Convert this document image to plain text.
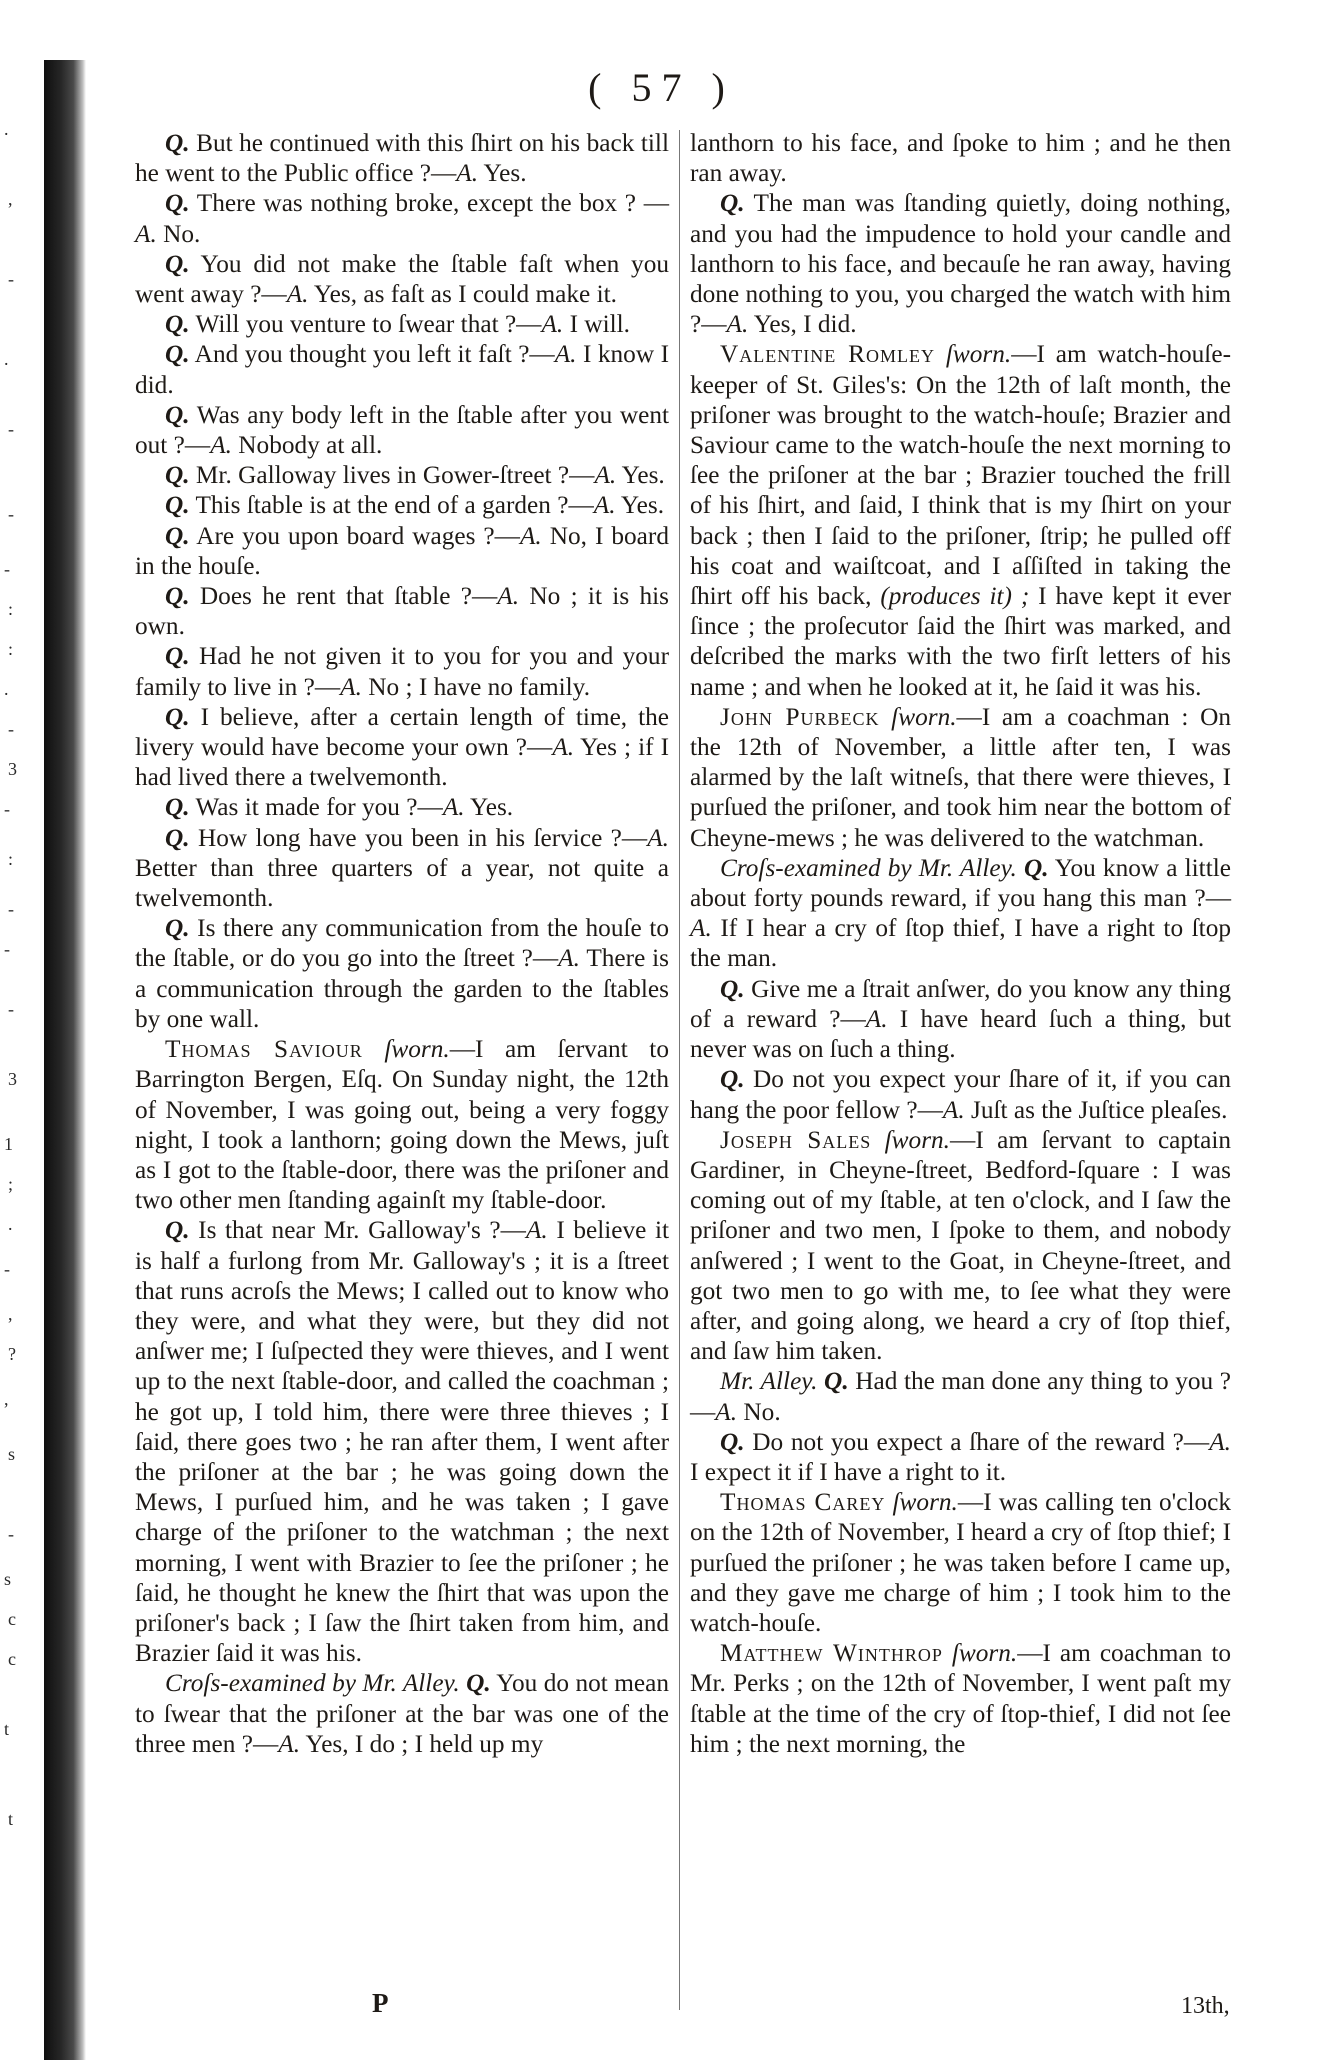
.
,
-
.
-
-
-
:
:
.
-
3
-
:
-
-
-
3
1
;
.
-
,
?
,
s
-
s
c
c
t
t
( 57 )

Q. But he continued with this ſhirt on his back till he went to the Public office ?—A. Yes.

Q. There was nothing broke, except the box ? —A. No.

Q. You did not make the ſtable faſt when you went away ?—A. Yes, as faſt as I could make it.

Q. Will you venture to ſwear that ?—A. I will.

Q. And you thought you left it faſt ?—A. I know I did.

Q. Was any body left in the ſtable after you went out ?—A. Nobody at all.

Q. Mr. Galloway lives in Gower-ſtreet ?—A. Yes.

Q. This ſtable is at the end of a garden ?—A. Yes.

Q. Are you upon board wages ?—A. No, I board in the houſe.

Q. Does he rent that ſtable ?—A. No ; it is his own.

Q. Had he not given it to you for you and your family to live in ?—A. No ; I have no family.

Q. I believe, after a certain length of time, the livery would have become your own ?—A. Yes ; if I had lived there a twelvemonth.

Q. Was it made for you ?—A. Yes.

Q. How long have you been in his ſervice ?—A. Better than three quarters of a year, not quite a twelvemonth.

Q. Is there any communication from the houſe to the ſtable, or do you go into the ſtreet ?—A. There is a communication through the garden to the ſtables by one wall.

Thomas Saviour ſworn.—I am ſervant to Barrington Bergen, Eſq. On Sunday night, the 12th of November, I was going out, being a very foggy night, I took a lanthorn; going down the Mews, juſt as I got to the ſtable-door, there was the priſoner and two other men ſtanding againſt my ſtable-door.

Q. Is that near Mr. Galloway's ?—A. I believe it is half a furlong from Mr. Galloway's ; it is a ſtreet that runs acroſs the Mews; I called out to know who they were, and what they were, but they did not anſwer me; I ſuſpected they were thieves, and I went up to the next ſtable-door, and called the coachman ; he got up, I told him, there were three thieves ; I ſaid, there goes two ; he ran after them, I went after the priſoner at the bar ; he was going down the Mews, I purſued him, and he was taken ; I gave charge of the priſoner to the watchman ; the next morning, I went with Brazier to ſee the priſoner ; he ſaid, he thought he knew the ſhirt that was upon the priſoner's back ; I ſaw the ſhirt taken from him, and Brazier ſaid it was his.

Croſs-examined by Mr. Alley. Q. You do not mean to ſwear that the priſoner at the bar was one of the three men ?—A. Yes, I do ; I held up my

lanthorn to his face, and ſpoke to him ; and he then ran away.

Q. The man was ſtanding quietly, doing nothing, and you had the impudence to hold your candle and lanthorn to his face, and becauſe he ran away, having done nothing to you, you charged the watch with him ?—A. Yes, I did.

Valentine Romley ſworn.—I am watch-houſe-keeper of St. Giles's: On the 12th of laſt month, the priſoner was brought to the watch-houſe; Brazier and Saviour came to the watch-houſe the next morning to ſee the priſoner at the bar ; Brazier touched the frill of his ſhirt, and ſaid, I think that is my ſhirt on your back ; then I ſaid to the priſoner, ſtrip; he pulled off his coat and waiſtcoat, and I aſſiſted in taking the ſhirt off his back, (produces it) ; I have kept it ever ſince ; the proſecutor ſaid the ſhirt was marked, and deſcribed the marks with the two firſt letters of his name ; and when he looked at it, he ſaid it was his.

John Purbeck ſworn.—I am a coachman : On the 12th of November, a little after ten, I was alarmed by the laſt witneſs, that there were thieves, I purſued the priſoner, and took him near the bottom of Cheyne-mews ; he was delivered to the watchman.

Croſs-examined by Mr. Alley. Q. You know a little about forty pounds reward, if you hang this man ?—A. If I hear a cry of ſtop thief, I have a right to ſtop the man.

Q. Give me a ſtrait anſwer, do you know any thing of a reward ?—A. I have heard ſuch a thing, but never was on ſuch a thing.

Q. Do not you expect your ſhare of it, if you can hang the poor fellow ?—A. Juſt as the Juſtice pleaſes.

Joseph Sales ſworn.—I am ſervant to captain Gardiner, in Cheyne-ſtreet, Bedford-ſquare : I was coming out of my ſtable, at ten o'clock, and I ſaw the priſoner and two men, I ſpoke to them, and nobody anſwered ; I went to the Goat, in Cheyne-ſtreet, and got two men to go with me, to ſee what they were after, and going along, we heard a cry of ſtop thief, and ſaw him taken.

Mr. Alley. Q. Had the man done any thing to you ?—A. No.

Q. Do not you expect a ſhare of the reward ?—A. I expect it if I have a right to it.

Thomas Carey ſworn.—I was calling ten o'clock on the 12th of November, I heard a cry of ſtop thief; I purſued the priſoner ; he was taken before I came up, and they gave me charge of him ; I took him to the watch-houſe.

Matthew Winthrop ſworn.—I am coachman to Mr. Perks ; on the 12th of November, I went paſt my ſtable at the time of the cry of ſtop-thief, I did not ſee him ; the next morning, the

P	13th,
